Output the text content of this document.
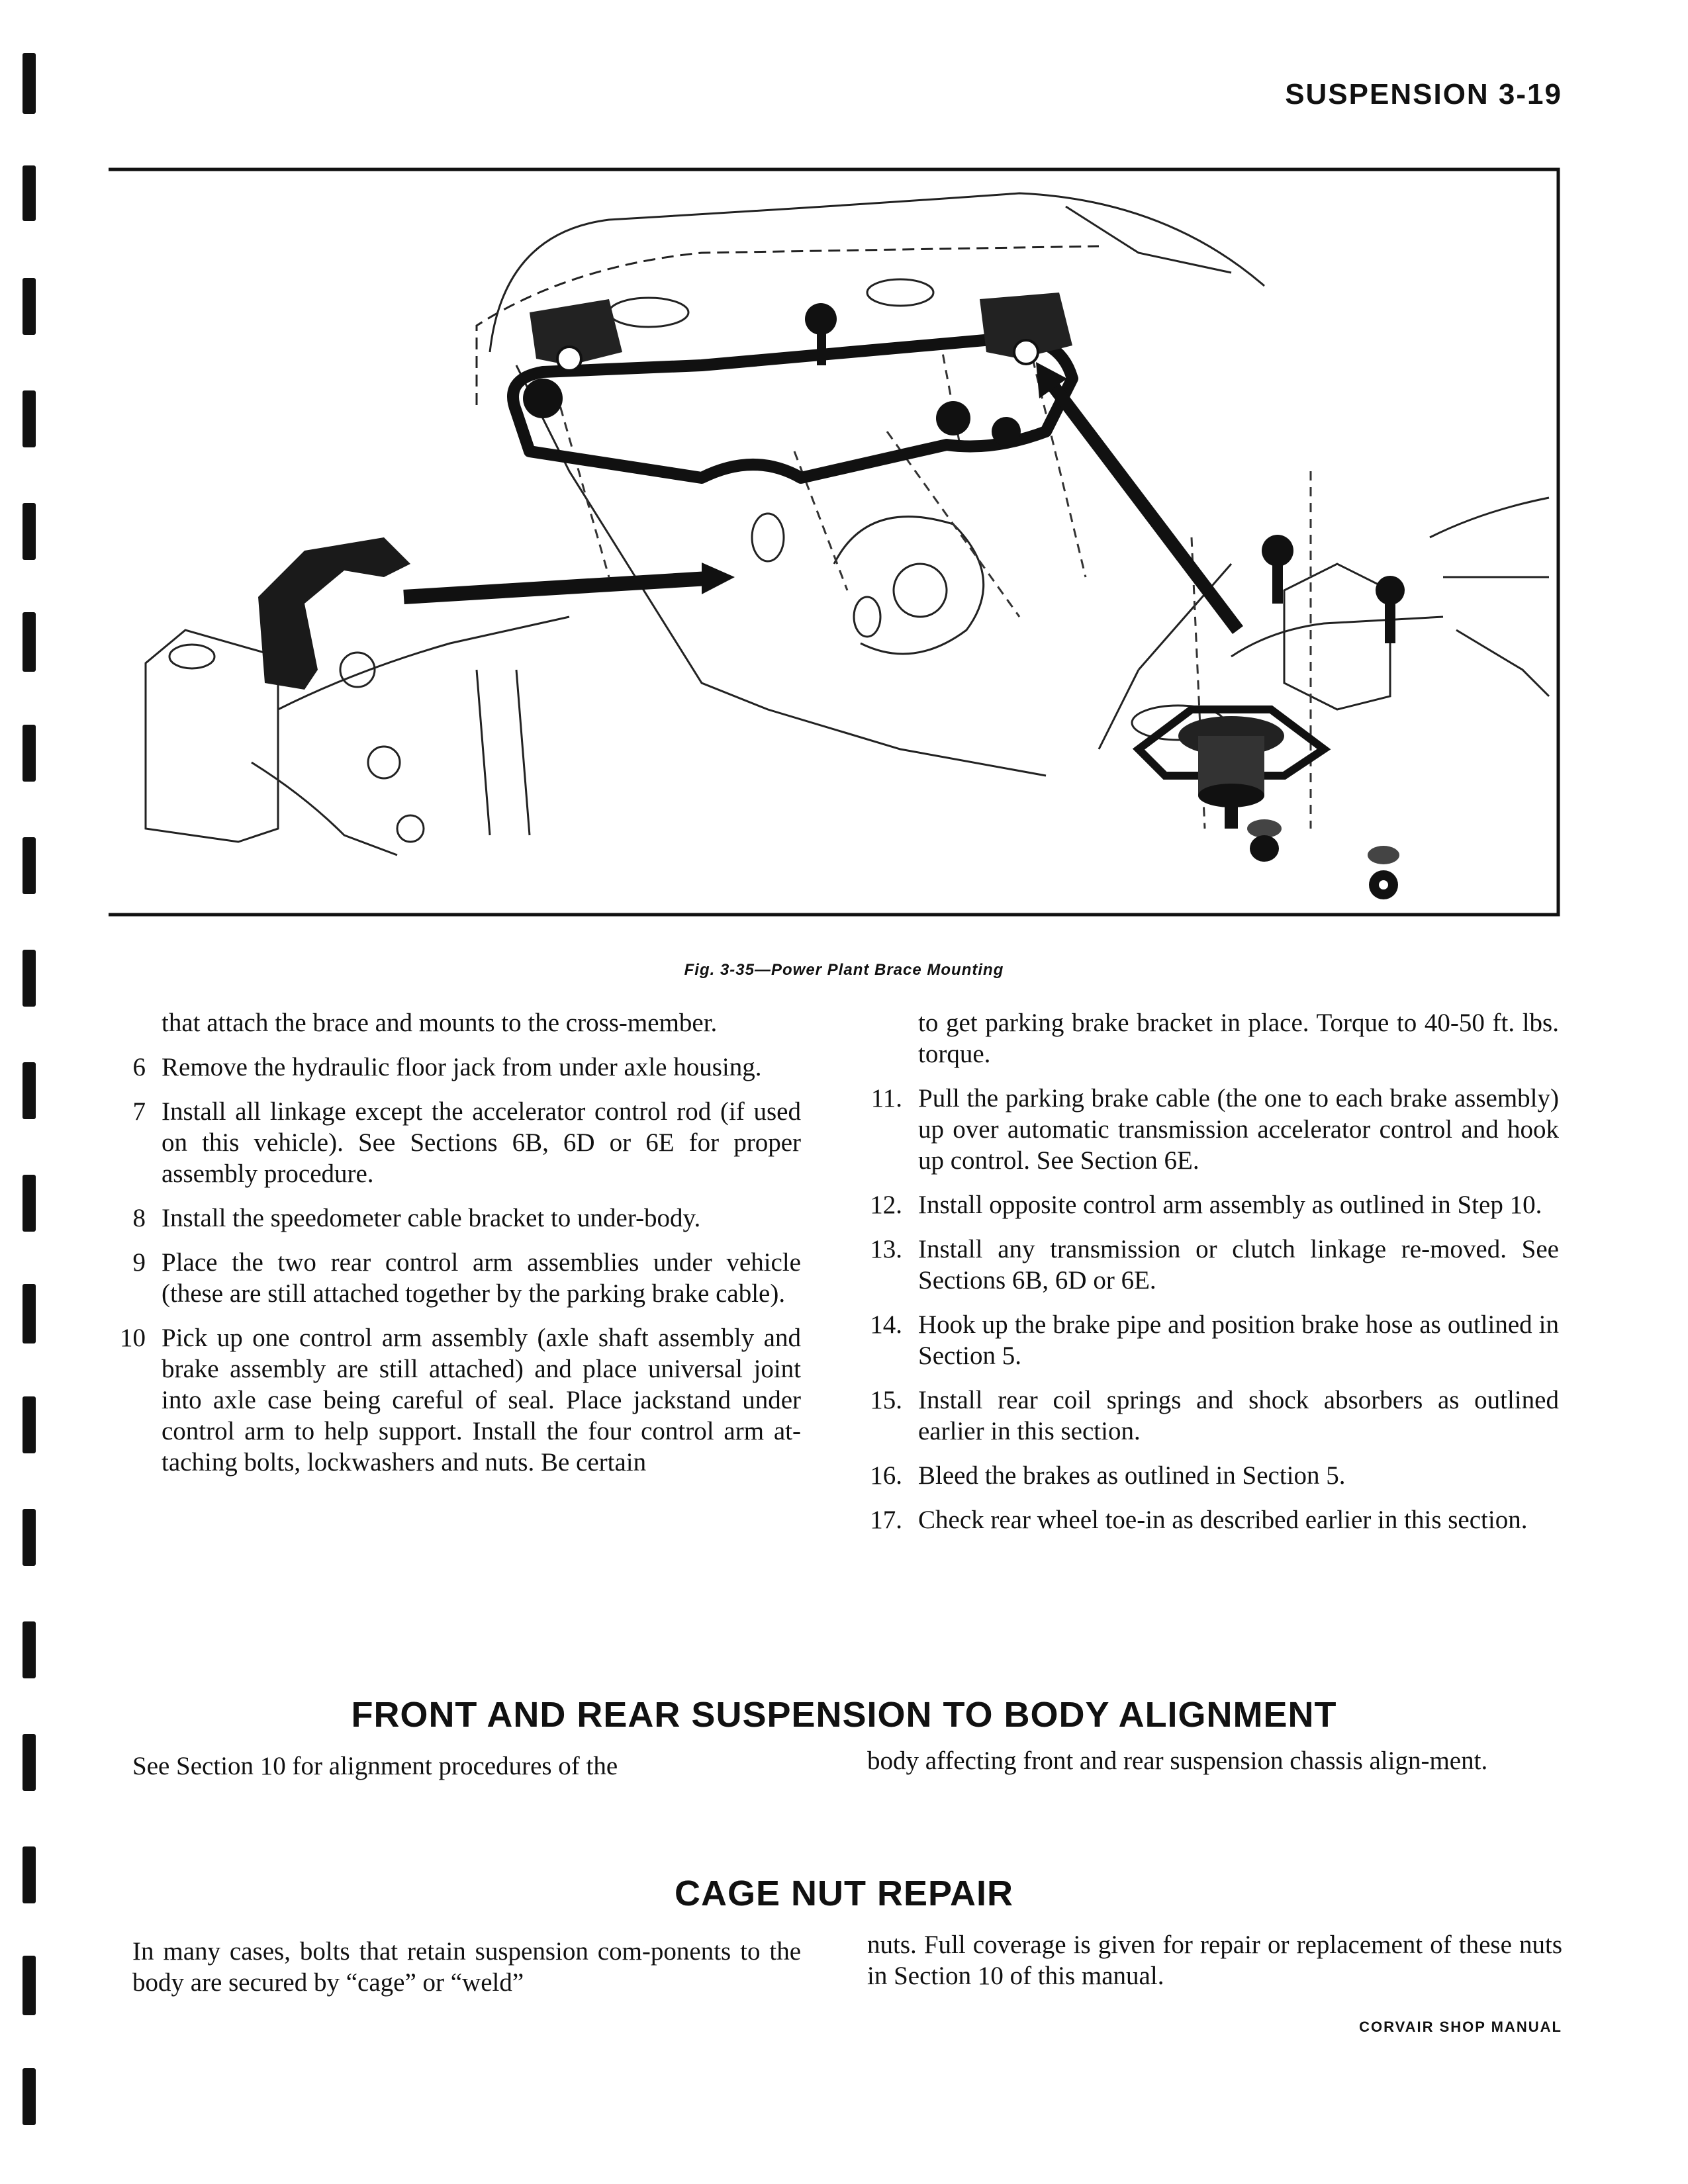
SUSPENSION 3-19
Fig. 3-35—Power Plant Brace Mounting

that attach the brace and mounts to the cross-member.

6 Remove the hydraulic floor jack from under axle housing.
7 Install all linkage except the accelerator control rod (if used on this vehicle). See Sections 6B, 6D or 6E for proper assembly procedure.
8 Install the speedometer cable bracket to under-body.
9 Place the two rear control arm assemblies under vehicle (these are still attached together by the parking brake cable).
10 Pick up one control arm assembly (axle shaft assembly and brake assembly are still attached) and place universal joint into axle case being careful of seal. Place jackstand under control arm to help support. Install the four control arm at-taching bolts, lockwashers and nuts. Be certain

to get parking brake bracket in place. Torque to 40-50 ft. lbs. torque.

11. Pull the parking brake cable (the one to each brake assembly) up over automatic transmission accelerator control and hook up control. See Section 6E.
12. Install opposite control arm assembly as outlined in Step 10.
13. Install any transmission or clutch linkage re-moved. See Sections 6B, 6D or 6E.
14. Hook up the brake pipe and position brake hose as outlined in Section 5.
15. Install rear coil springs and shock absorbers as outlined earlier in this section.
16. Bleed the brakes as outlined in Section 5.
17. Check rear wheel toe-in as described earlier in this section.
FRONT AND REAR SUSPENSION TO BODY ALIGNMENT
See Section 10 for alignment procedures of the	body affecting front and rear suspension chassis align-ment.
CAGE NUT REPAIR
In many cases, bolts that retain suspension com-ponents to the body are secured by “cage” or “weld”
nuts. Full coverage is given for repair or replacement of these nuts in Section 10 of this manual.
CORVAIR SHOP MANUAL
